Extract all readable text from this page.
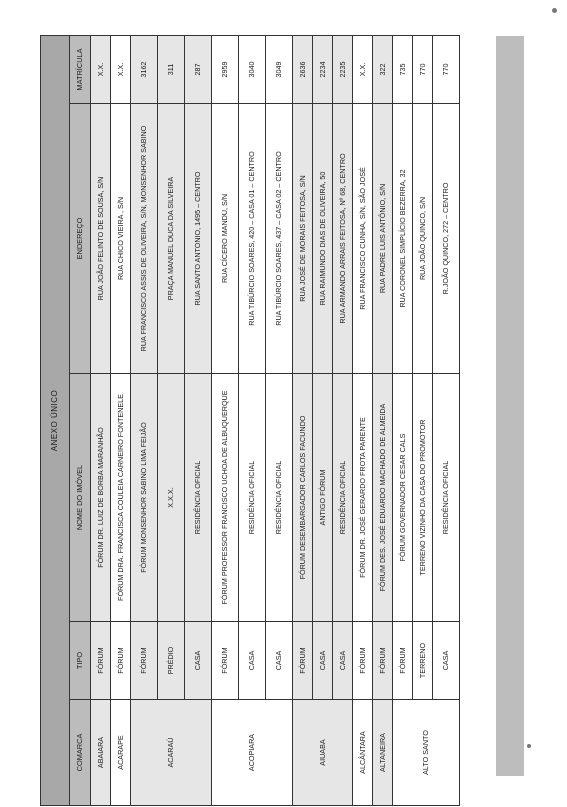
ANEXO ÚNICO				
COMARCA	TIPO	NOME DO IMÓVEL	ENDEREÇO	MATRÍCULA
ABAIARA	FÓRUM	FÓRUM DR. LUIZ DE BORBA MARANHÃO	RUA JOÃO FELINTO DE SOUSA, S/N	X.X.
ACARAPE	FÓRUM	FÓRUM DRA. FRANCISCA COULEIA CARNEIRO FONTENELE	RUA CHICO VIEIRA , S/N	X.X.
ACARAÚ	FÓRUM	FÓRUM MONSENHOR SABINO LIMA FEIJÃO	RUA FRANCISCO ASSIS DE OLIVEIRA, S/N, MONSENHOR SABINO	3162
	PRÉDIO	X.X.X.	PRAÇA MANUEL DUCA DA SILVEIRA	311
	CASA	RESIDÊNCIA OFICIAL	RUA SANTO ANTONIO, 1495 – CENTRO	287
ACOPIARA	FÓRUM	FÓRUM PROFESSOR FRANCISCO UCHOA DE ALBUQUERQUE	RUA CÍCERO MANDU, S/N	2959
	CASA	RESIDÊNCIA OFICIAL	RUA TIBÚRCIO SOARES, 420 – CASA 01 – CENTRO	3040
	CASA	RESIDÊNCIA OFICIAL	RUA TIBÚRCIO SOARES, 437 – CASA 02 – CENTRO	3049
AIUABA	FÓRUM	FÓRUM DESEMBARGADOR CARLOS FACUNDO	RUA JOSÉ DE MORAIS FEITOSA, S/N	2636
	CASA	ANTIGO FÓRUM	RUA RAIMUNDO DIAS DE OLIVEIRA, 50	2234
	CASA	RESIDÊNCIA OFICIAL	RUA ARMANDO ARRAIS FEITOSA, Nº 68, CENTRO	2235
ALCÂNTARA	FÓRUM	FÓRUM DR. JOSÉ GERARDO FROTA PARENTE	RUA FRANCISCO CUNHA, S/N, SÃO JOSÉ	X.X.
ALTANEIRA	FÓRUM	FÓRUM DES. JOSÉ EDUARDO MACHADO DE ALMEIDA	RUA PADRE LUIS ANTÔNIO, S/N	322
ALTO SANTO	FÓRUM	FÓRUM GOVERNADOR CESAR CALS	RUA CORONEL SIMPLÍCIO BEZERRA, 32	735
	TERRENO	TERRENO VIZINHO DA CASA DO PROMOTOR	RUA JOÃO QUINCO, S/N	770
	CASA	RESIDÊNCIA OFICIAL	R.JOÃO QUINCO, 272 – CENTRO	770
